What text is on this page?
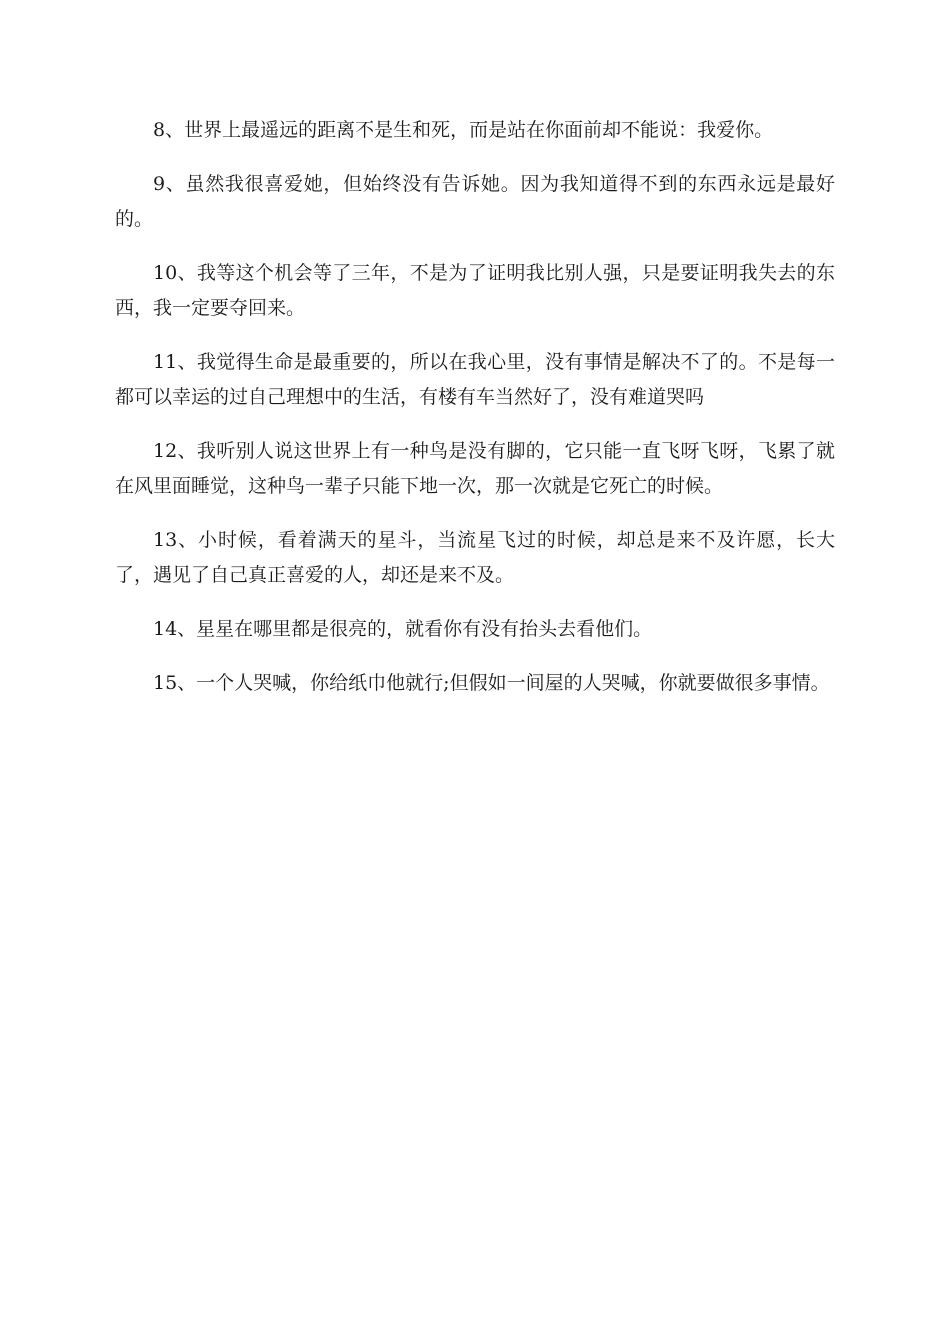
8、世界上最遥远的距离不是生和死，而是站在你面前却不能说：我爱你。

9、虽然我很喜爱她，但始终没有告诉她。因为我知道得不到的东西永远是最好的。

10、我等这个机会等了三年，不是为了证明我比别人强，只是要证明我失去的东西，我一定要夺回来。

11、我觉得生命是最重要的，所以在我心里，没有事情是解决不了的。不是每一都可以幸运的过自己理想中的生活，有楼有车当然好了，没有难道哭吗

12、我听别人说这世界上有一种鸟是没有脚的，它只能一直飞呀飞呀，飞累了就在风里面睡觉，这种鸟一辈子只能下地一次，那一次就是它死亡的时候。

13、小时候，看着满天的星斗，当流星飞过的时候，却总是来不及许愿，长大了，遇见了自己真正喜爱的人，却还是来不及。

14、星星在哪里都是很亮的，就看你有没有抬头去看他们。

15、一个人哭喊，你给纸巾他就行;但假如一间屋的人哭喊，你就要做很多事情。
